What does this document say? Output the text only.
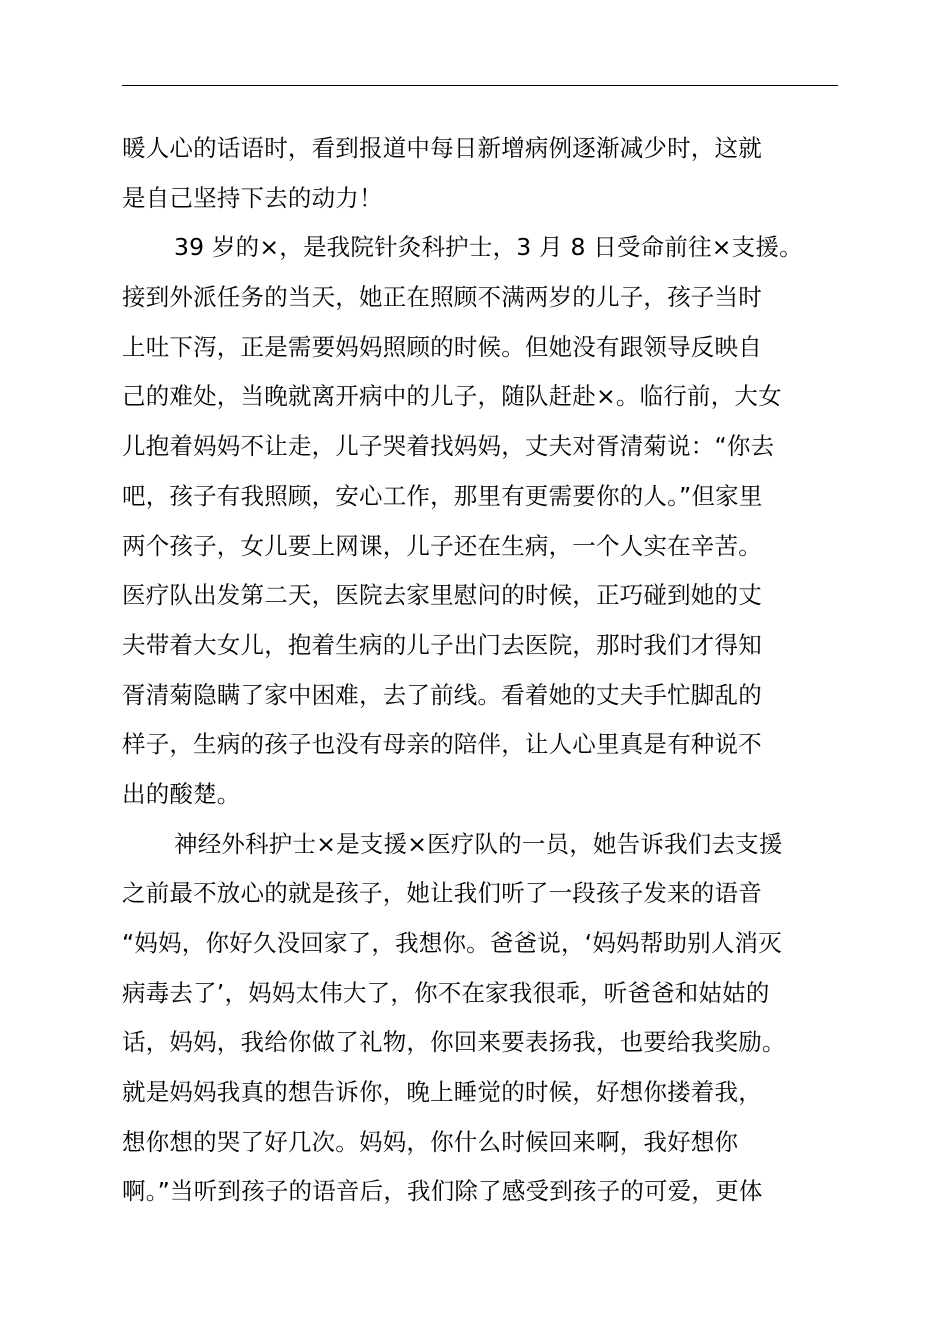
暖人心的话语时，看到报道中每日新增病例逐渐减少时，这就
是自己坚持下去的动力！
39 岁的×，是我院针灸科护士，3 月 8 日受命前往×支援。
接到外派任务的当天，她正在照顾不满两岁的儿子，孩子当时
上吐下泻，正是需要妈妈照顾的时候。但她没有跟领导反映自
己的难处，当晚就离开病中的儿子，随队赶赴×。临行前，大女
儿抱着妈妈不让走，儿子哭着找妈妈，丈夫对胥清菊说：“你去
吧，孩子有我照顾，安心工作，那里有更需要你的人。”但家里
两个孩子，女儿要上网课，儿子还在生病，一个人实在辛苦。
医疗队出发第二天，医院去家里慰问的时候，正巧碰到她的丈
夫带着大女儿，抱着生病的儿子出门去医院，那时我们才得知
胥清菊隐瞒了家中困难，去了前线。看着她的丈夫手忙脚乱的
样子，生病的孩子也没有母亲的陪伴，让人心里真是有种说不
出的酸楚。
神经外科护士×是支援×医疗队的一员，她告诉我们去支援
之前最不放心的就是孩子，她让我们听了一段孩子发来的语音
“妈妈，你好久没回家了，我想你。爸爸说，‘妈妈帮助别人消灭
病毒去了’，妈妈太伟大了，你不在家我很乖，听爸爸和姑姑的
话，妈妈，我给你做了礼物，你回来要表扬我，也要给我奖励。
就是妈妈我真的想告诉你，晚上睡觉的时候，好想你搂着我，
想你想的哭了好几次。妈妈，你什么时候回来啊，我好想你
啊。”当听到孩子的语音后，我们除了感受到孩子的可爱，更体
